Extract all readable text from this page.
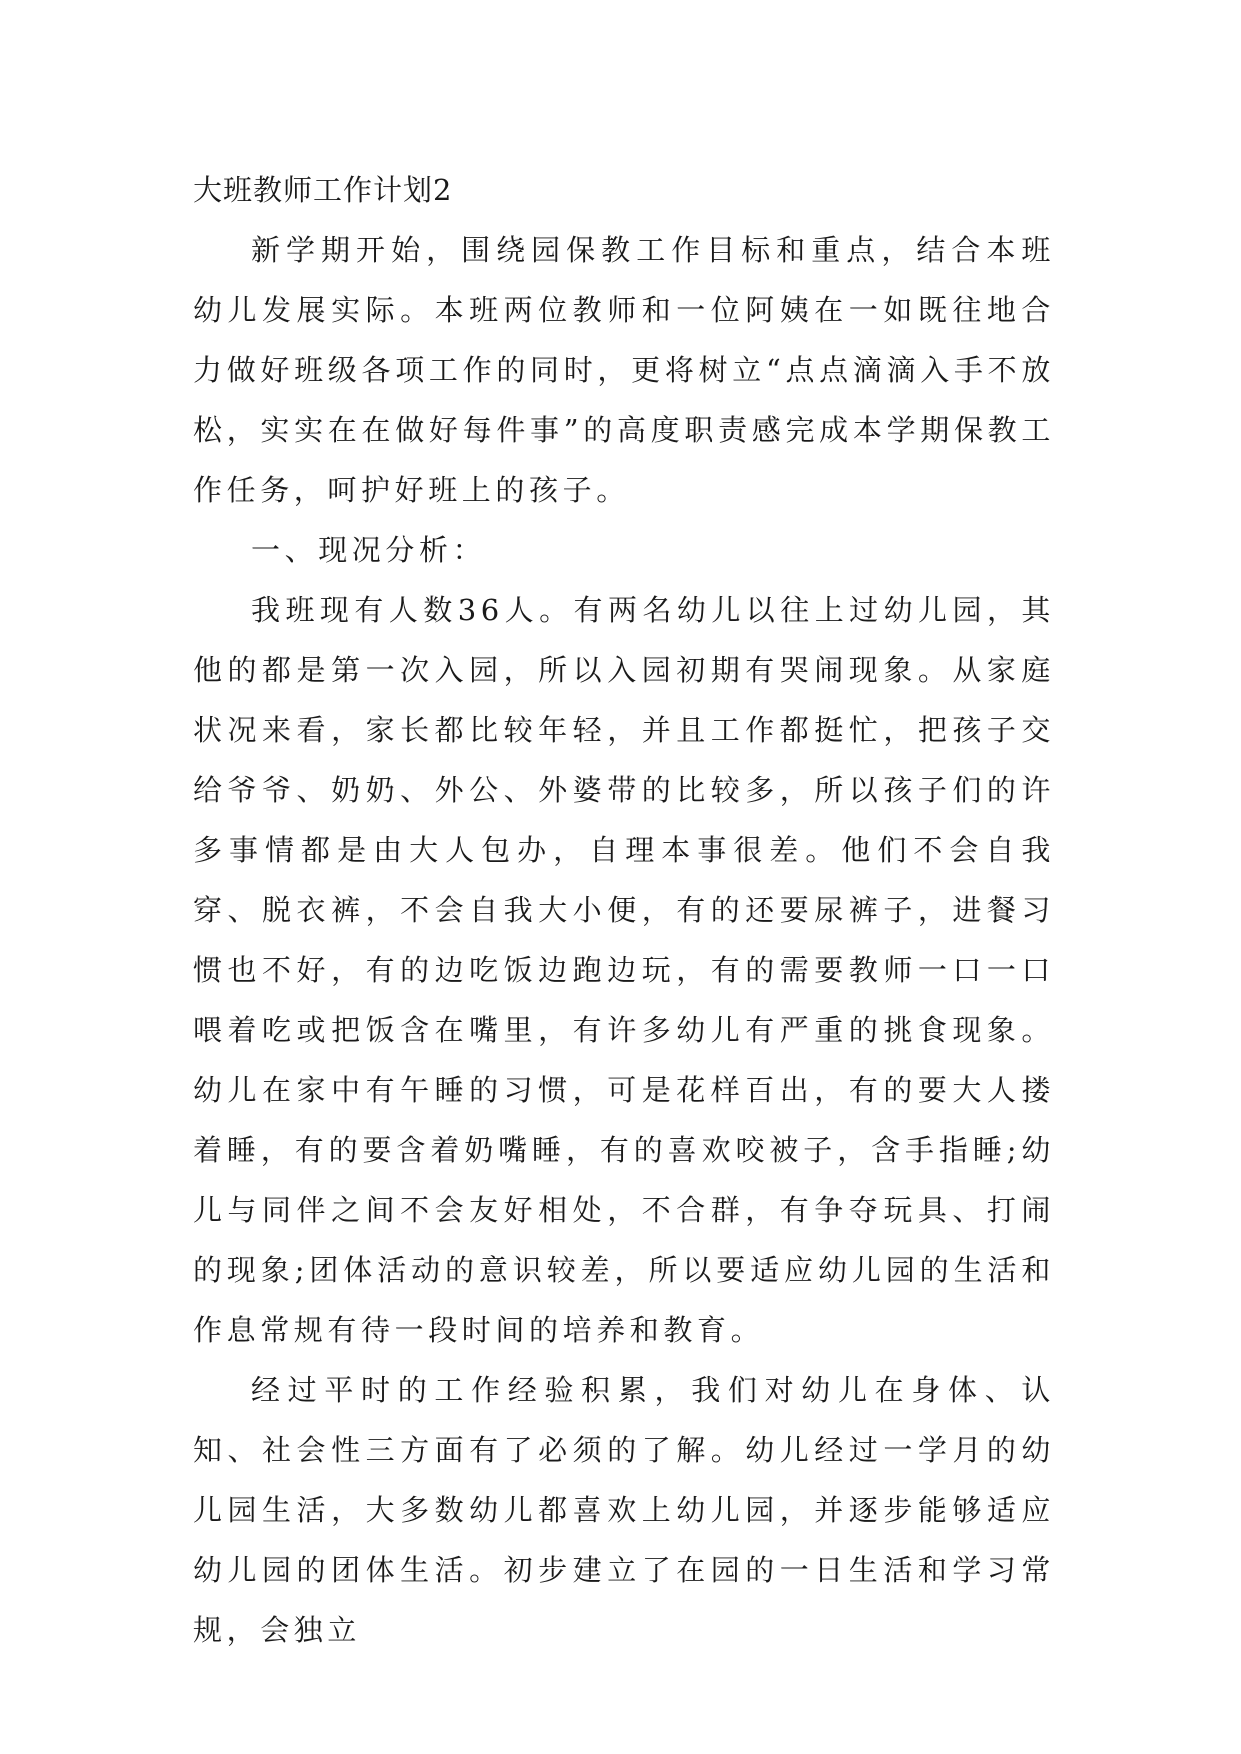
大班教师工作计划2

新学期开始，围绕园保教工作目标和重点，结合本班幼儿发展实际。本班两位教师和一位阿姨在一如既往地合力做好班级各项工作的同时，更将树立“点点滴滴入手不放松，实实在在做好每件事”的高度职责感完成本学期保教工作任务，呵护好班上的孩子。

一、现况分析：

我班现有人数36人。有两名幼儿以往上过幼儿园，其他的都是第一次入园，所以入园初期有哭闹现象。从家庭状况来看，家长都比较年轻，并且工作都挺忙，把孩子交给爷爷、奶奶、外公、外婆带的比较多，所以孩子们的许多事情都是由大人包办，自理本事很差。他们不会自我穿、脱衣裤，不会自我大小便，有的还要尿裤子，进餐习惯也不好，有的边吃饭边跑边玩，有的需要教师一口一口喂着吃或把饭含在嘴里，有许多幼儿有严重的挑食现象。幼儿在家中有午睡的习惯，可是花样百出，有的要大人搂着睡，有的要含着奶嘴睡，有的喜欢咬被子，含手指睡;幼儿与同伴之间不会友好相处，不合群，有争夺玩具、打闹的现象;团体活动的意识较差，所以要适应幼儿园的生活和作息常规有待一段时间的培养和教育。

经过平时的工作经验积累，我们对幼儿在身体、认知、社会性三方面有了必须的了解。幼儿经过一学月的幼儿园生活，大多数幼儿都喜欢上幼儿园，并逐步能够适应幼儿园的团体生活。初步建立了在园的一日生活和学习常规，会独立
